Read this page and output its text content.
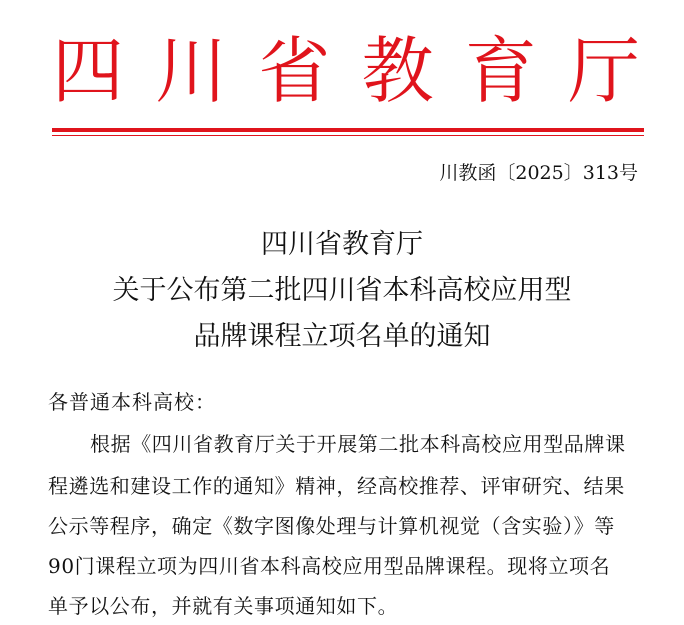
四 川 省 教 育 厅
川教函〔2025〕313号
四川省教育厅
关于公布第二批四川省本科高校应用型
品牌课程立项名单的通知
各普通本科高校：
根据《四川省教育厅关于开展第二批本科高校应用型品牌课
程遴选和建设工作的通知》精神，经高校推荐、评审研究、结果
公示等程序，确定《数字图像处理与计算机视觉（含实验）》等
90门课程立项为四川省本科高校应用型品牌课程。现将立项名
单予以公布，并就有关事项通知如下。
